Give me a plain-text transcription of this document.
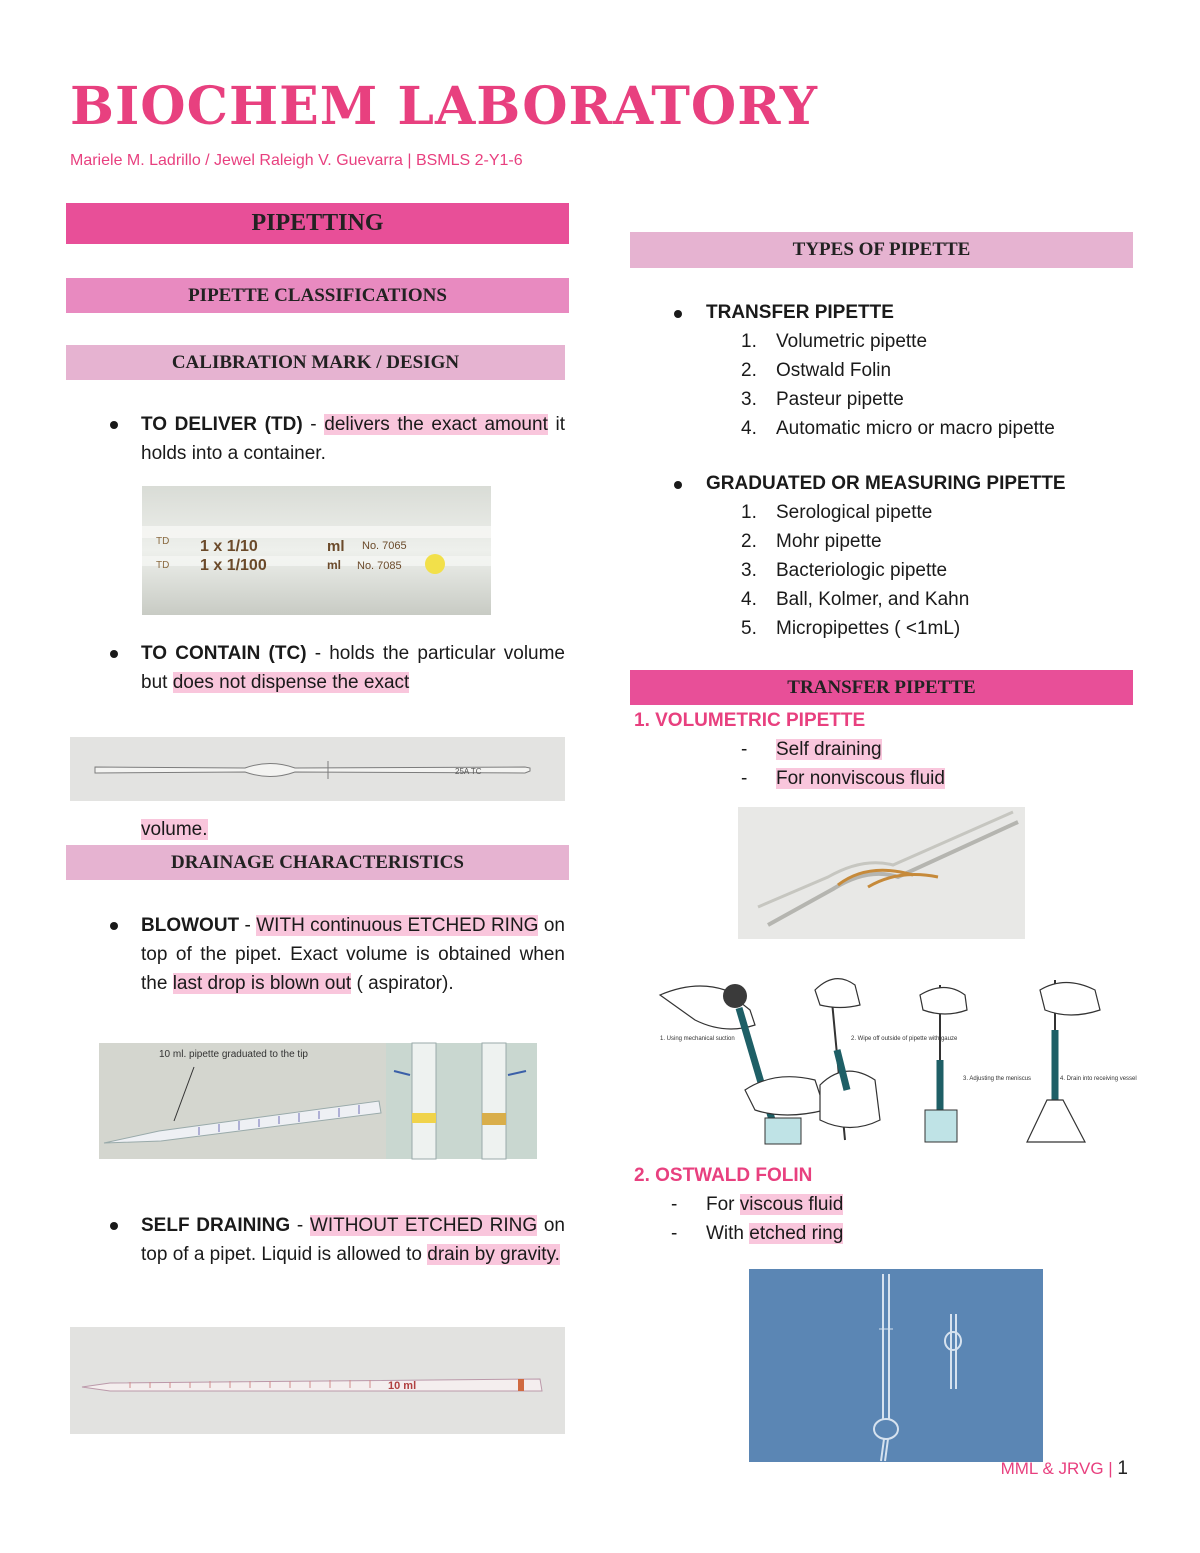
BIOCHEM LABORATORY
Mariele M. Ladrillo / Jewel Raleigh V. Guevarra | BSMLS 2-Y1-6
PIPETTING
PIPETTE CLASSIFICATIONS
CALIBRATION MARK / DESIGN
TO DELIVER (TD) - delivers the exact amount it holds into a container.
TD 1 x 1/10	ml No. 7065
TD 1 x 1/100	ml No. 7085
TO CONTAIN (TC) - holds the particular volume but does not dispense the exact
25A TC
volume.
DRAINAGE CHARACTERISTICS
BLOWOUT - WITH continuous ETCHED RING on top of the pipet. Exact volume is obtained when the last drop is blown out ( aspirator).
10 ml. pipette graduated to the tip
SELF DRAINING - WITHOUT ETCHED RING on top of a pipet. Liquid is allowed to drain by gravity.
10 ml
TYPES OF PIPETTE
TRANSFER PIPETTE
1. Volumetric pipette
2. Ostwald Folin
3. Pasteur pipette
4. Automatic micro or macro pipette
GRADUATED OR MEASURING PIPETTE
1. Serological pipette
2. Mohr pipette
3. Bacteriologic pipette
4. Ball, Kolmer, and Kahn
5. Micropipettes ( <1mL)
TRANSFER PIPETTE
1. VOLUMETRIC PIPETTE
- Self draining
- For nonviscous fluid
1. Using mechanical suction	2. Wipe off outside of pipette with gauze
3. Adjusting the meniscus	4. Drain into receiving vessel
2. OSTWALD FOLIN
- For viscous fluid
- With etched ring
MML & JRVG | 1
